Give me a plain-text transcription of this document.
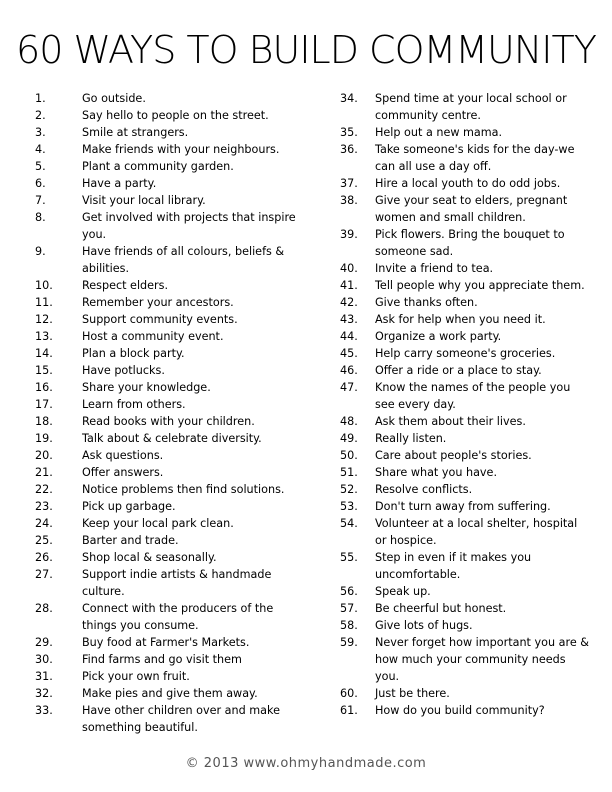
60 WAYS TO BUILD COMMUNITY
1.	Go outside.
2.	Say hello to people on the street.
3.	Smile at strangers.
4.	Make friends with your neighbours.
5.	Plant a community garden.
6.	Have a party.
7.	Visit your local library.
8.	Get involved with projects that inspire you.
9.	Have friends of all colours, beliefs & abilities.
10.	Respect elders.
11.	Remember your ancestors.
12.	Support community events.
13.	Host a community event.
14.	Plan a block party.
15.	Have potlucks.
16.	Share your knowledge.
17.	Learn from others.
18.	Read books with your children.
19.	Talk about & celebrate diversity.
20.	Ask questions.
21.	Offer answers.
22.	Notice problems then find solutions.
23.	Pick up garbage.
24.	Keep your local park clean.
25.	Barter and trade.
26.	Shop local & seasonally.
27.	Support indie artists & handmade culture.
28.	Connect with the producers of the things you consume.
29.	Buy food at Farmer's Markets.
30.	Find farms and go visit them
31.	Pick your own fruit.
32.	Make pies and give them away.
33.	Have other children over and make something beautiful.
34. Spend time at your local school or community centre.
35. Help out a new mama.
36. Take someone's kids for the day-we can all use a day off.
37. Hire a local youth to do odd jobs.
38. Give your seat to elders, pregnant women and small children.
39. Pick flowers. Bring the bouquet to someone sad.
40. Invite a friend to tea.
41. Tell people why you appreciate them.
42. Give thanks often.
43. Ask for help when you need it.
44. Organize a work party.
45. Help carry someone's groceries.
46. Offer a ride or a place to stay.
47. Know the names of the people you see every day.
48. Ask them about their lives.
49. Really listen.
50. Care about people's stories.
51. Share what you have.
52. Resolve conflicts.
53. Don't turn away from suffering.
54. Volunteer at a local shelter, hospital or hospice.
55. Step in even if it makes you uncomfortable.
56. Speak up.
57. Be cheerful but honest.
58. Give lots of hugs.
59. Never forget how important you are & how much your community needs you.
60. Just be there.
61. How do you build community?
© 2013 www.ohmyhandmade.com
